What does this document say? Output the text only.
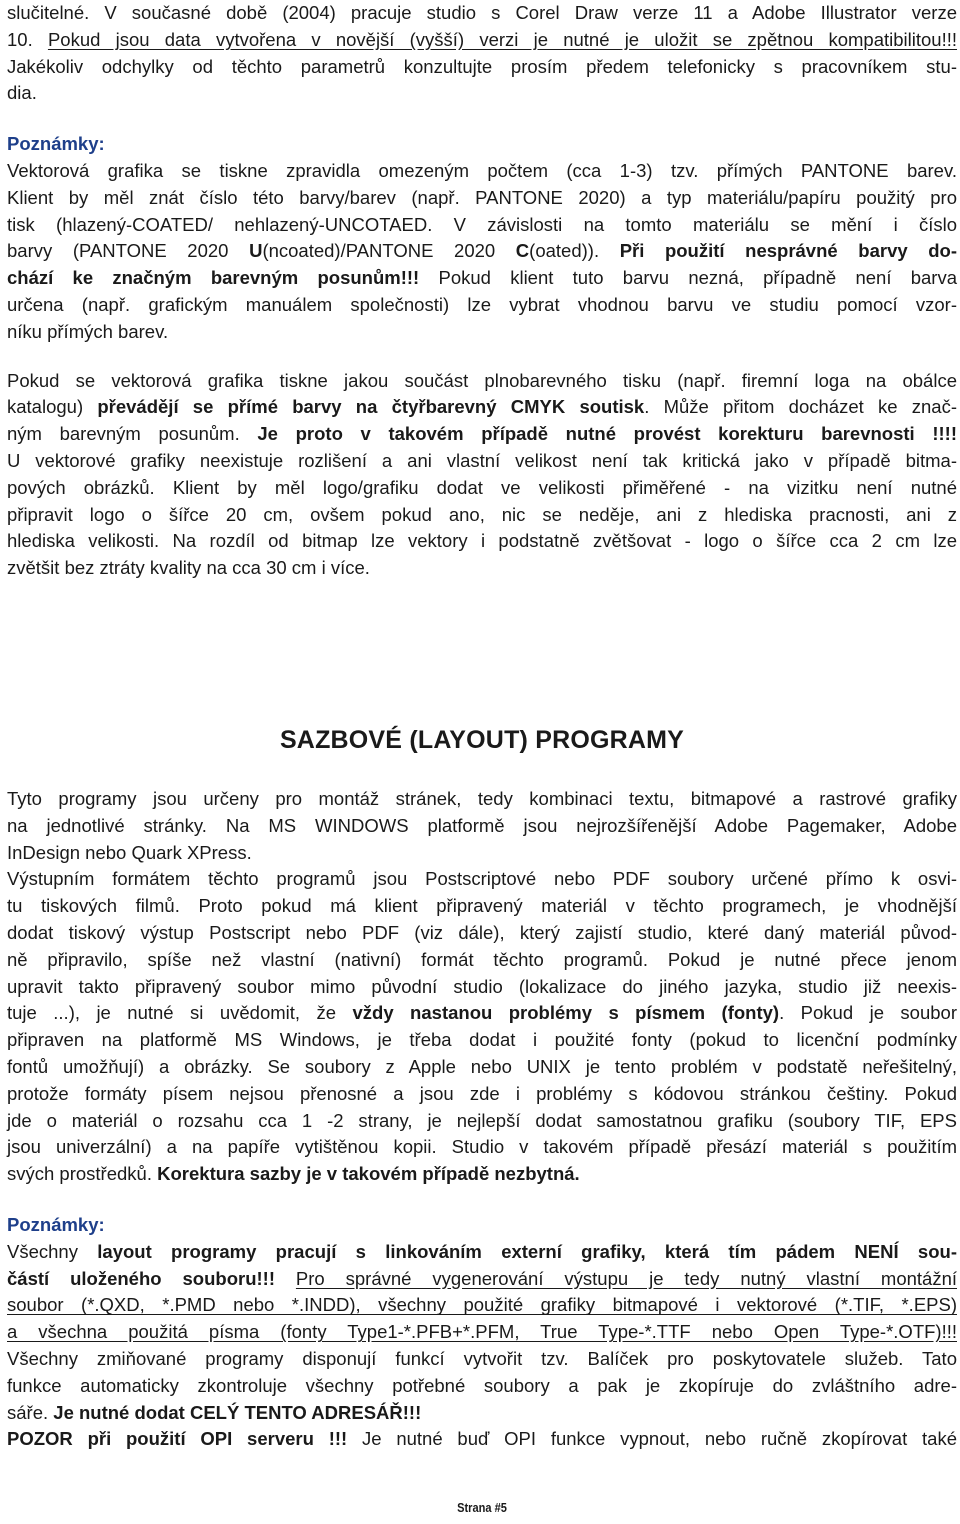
slučitelné. V současné době (2004) pracuje studio s Corel Draw verze 11 a Adobe Illustrator verze

10. Pokud jsou data vytvořena v novější (vyšší) verzi je nutné je uložit se zpětnou kompatibilitou!!!

Jakékoliv odchylky od těchto parametrů konzultujte prosím předem telefonicky s pracovníkem stu-

dia.

Poznámky:

Vektorová grafika se tiskne zpravidla omezeným počtem (cca 1-3) tzv. přímých PANTONE barev.

Klient by měl znát číslo této barvy/barev (např. PANTONE 2020) a typ materiálu/papíru použitý pro

tisk (hlazený-COATED/ nehlazený-UNCOTAED. V závislosti na tomto materiálu se mění i číslo

barvy (PANTONE 2020 U(ncoated)/PANTONE 2020 C(oated)). Při použití nesprávné barvy do-

chází ke značným barevným posunům!!! Pokud klient tuto barvu nezná, případně není barva

určena (např. grafickým manuálem společnosti) lze vybrat vhodnou barvu ve studiu pomocí vzor-

níku přímých barev.

Pokud se vektorová grafika tiskne jakou součást plnobarevného tisku (např. firemní loga na obálce

katalogu) převádějí se přímé barvy na čtyřbarevný CMYK soutisk. Může přitom docházet ke znač-

ným barevným posunům. Je proto v takovém případě nutné provést korekturu barevnosti !!!!

U vektorové grafiky neexistuje rozlišení a ani vlastní velikost není tak kritická jako v případě bitma-

pových obrázků. Klient by měl logo/grafiku dodat ve velikosti přiměřené - na vizitku není nutné

připravit logo o šířce 20 cm, ovšem pokud ano, nic se neděje, ani z hlediska pracnosti, ani z

hlediska velikosti. Na rozdíl od bitmap lze vektory i podstatně zvětšovat - logo o šířce cca 2 cm lze

zvětšit bez ztráty kvality na cca 30 cm i více.

SAZBOVÉ (LAYOUT) PROGRAMY

Tyto programy jsou určeny pro montáž stránek, tedy kombinaci textu, bitmapové a rastrové grafiky

na jednotlivé stránky. Na MS WINDOWS platformě jsou nejrozšířenější Adobe Pagemaker, Adobe

InDesign nebo Quark XPress.

Výstupním formátem těchto programů jsou Postscriptové nebo PDF soubory určené přímo k osvi-

tu tiskových filmů. Proto pokud má klient připravený materiál v těchto programech, je vhodnější

dodat tiskový výstup Postscript nebo PDF (viz dále), který zajistí studio, které daný materiál původ-

ně připravilo, spíše než vlastní (nativní) formát těchto programů. Pokud je nutné přece jenom

upravit takto připravený soubor mimo původní studio (lokalizace do jiného jazyka, studio již neexis-

tuje ...), je nutné si uvědomit, že vždy nastanou problémy s písmem (fonty). Pokud je soubor

připraven na platformě MS Windows, je třeba dodat i použité fonty (pokud to licenční podmínky

fontů umožňují) a obrázky. Se soubory z Apple nebo UNIX je tento problém v podstatě neřešitelný,

protože formáty písem nejsou přenosné a jsou zde i problémy s kódovou stránkou češtiny. Pokud

jde o materiál o rozsahu cca 1 -2 strany, je nejlepší dodat samostatnou grafiku (soubory TIF, EPS

jsou univerzální) a na papíře vytištěnou kopii. Studio v takovém případě přesází materiál s použitím

svých prostředků. Korektura sazby je v takovém případě nezbytná.

Poznámky:

Všechny layout programy pracují s linkováním externí grafiky, která tím pádem NENÍ sou-

částí uloženého souboru!!! Pro správné vygenerování výstupu je tedy nutný vlastní montážní

soubor (*.QXD, *.PMD nebo *.INDD), všechny použité grafiky bitmapové i vektorové (*.TIF, *.EPS)

a všechna použitá písma (fonty Type1-*.PFB+*.PFM, True Type-*.TTF nebo Open Type-*.OTF)!!!

Všechny zmiňované programy disponují funkcí vytvořit tzv. Balíček pro poskytovatele služeb. Tato

funkce automaticky zkontroluje všechny potřebné soubory a pak je zkopíruje do zvláštního adre-

sáře. Je nutné dodat CELÝ TENTO ADRESÁŘ!!!

POZOR při použití OPI serveru !!! Je nutné buď OPI funkce vypnout, nebo ručně zkopírovat také

Strana #5
